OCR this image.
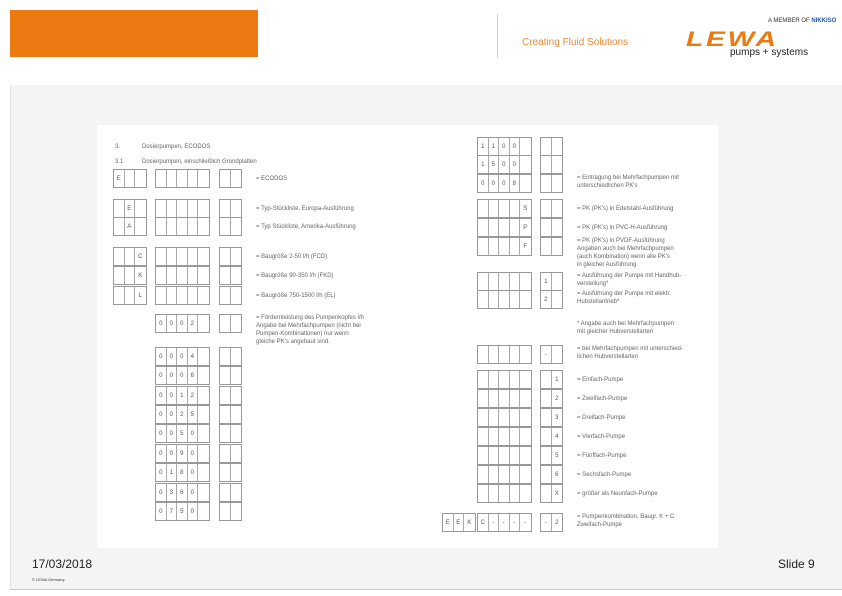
Creating Fluid Solutions
A MEMBER OF NIKKISO
LEWA
pumps + systems
3.	Dosierpumpen, ECODOS
3.1	Dosierpumpen, einschließlich Grundplatten
E	= ECODOS
E	= Typ-Stückliste, Europa-Ausführung
A	= Typ Stückliste, Amerika-Ausführung
C	= Baugröße 2-50 l/h (FCD)
K	= Baugröße 90-350 l/h (FKD)
L	= Baugröße 750-1500 l/h (EL)
0	0	0	2
= Fördernleistung des Pumpenkopfes l/h
Angabe bei Mehrfachpumpen (nicht bei
Pumpen-Kombinationen) nur wenn
gleiche PK's angebaut sind.
0	0	0	4
0	0	0	6
0	0	1	2
0	0	2	5
0	0	5	0
0	0	9	0
0	1	8	0
0	3	6	0
0	7	5	0
1	1	0	0
1	5	0	0
0	0	0	8
= Eintragung bei Mehrfachpumpen mit
unterschiedlichen PK's
S	= PK (PK's) in Edelstahl-Ausführung
P	= PK (PK's) in PVC-H-Ausführung
F
= PK (PK's) in PVDF-Ausführung
Angaben auch bei Mehrfachpumpen
(auch Kombination) wenn alle PK's
in gleicher Ausführung
1
= Ausführung der Pumpe mit Handhub-
verstellung*
2
= Ausführung der Pumpe mit elektr.
Hubstellantrieb*
* Angabe auch bei Mehrfachpumpen
mit gleicher Hubverstellarten
-
= bei Mehrfachpumpen mit unterschied-
lichen Hubverstellarten
1	= Einfach-Pumpe
2	= Zweifach-Pumpe
3	= Dreifach-Pumpe
4	= Vierfach-Pumpe
5	= Fünffach-Pumpe
6	= Sechsfach-Pumpe
X	= größer als Neunfach-Pumpe
E	E	K	C	-	-	-	-	-	2
= Pumpenkombination, Baugr. K + C
Zweifach-Pumpe
17/03/2018
© LEWA Germany
Slide 9
